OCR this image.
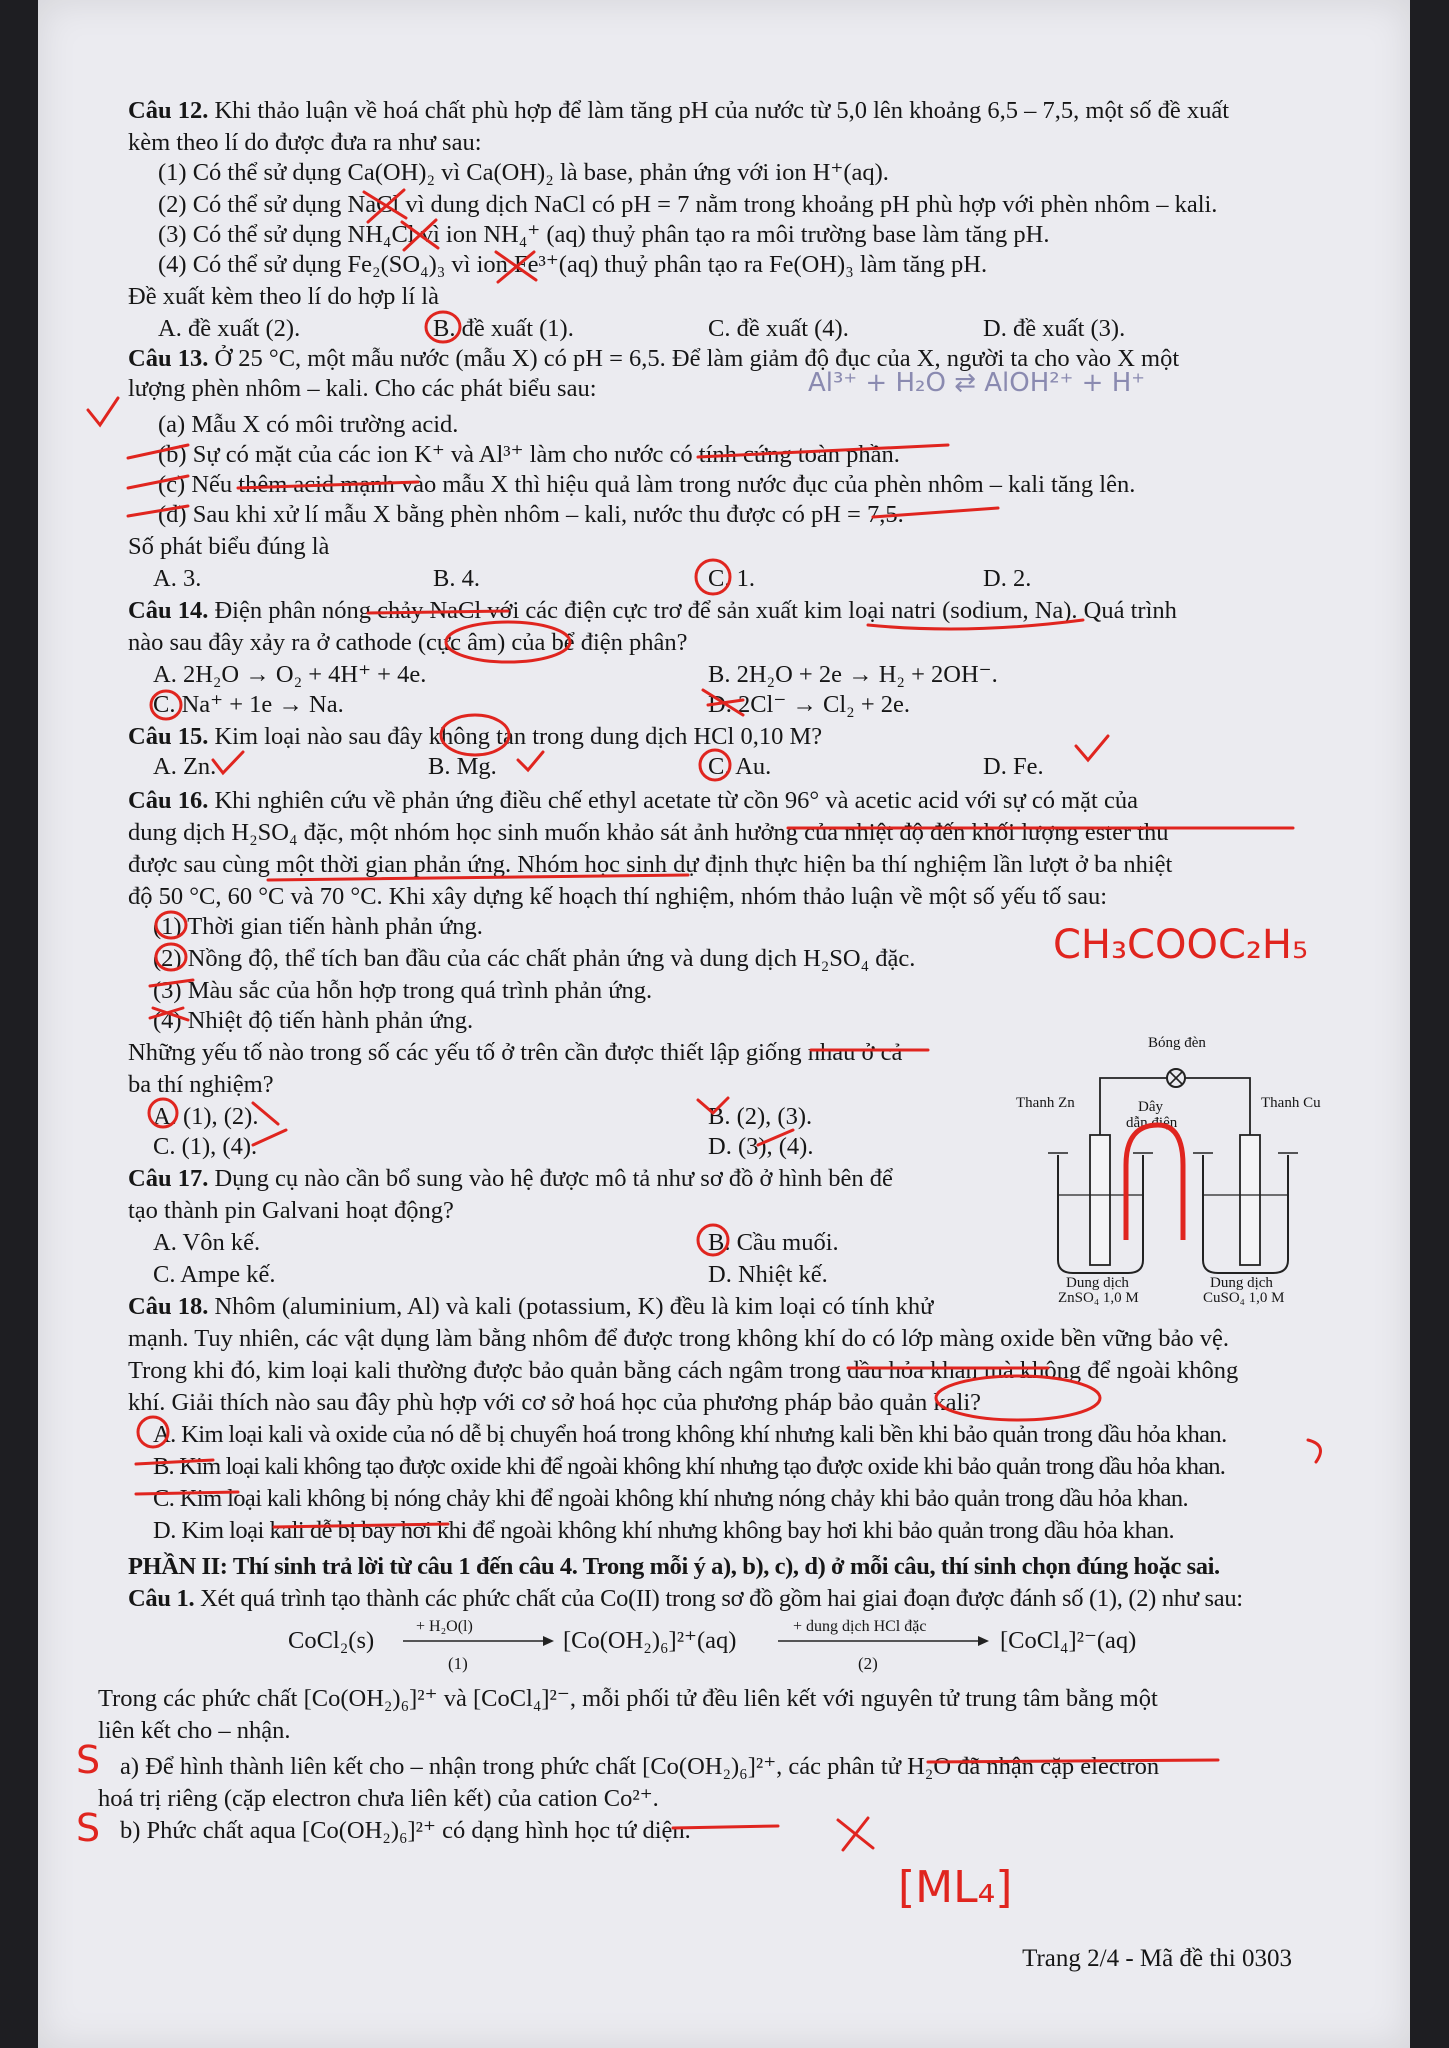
Câu 12. Khi thảo luận về hoá chất phù hợp để làm tăng pH của nước từ 5,0 lên khoảng 6,5 – 7,5, một số đề xuất
kèm theo lí do được đưa ra như sau:
(1) Có thể sử dụng Ca(OH)₂ vì Ca(OH)₂ là base, phản ứng với ion H⁺(aq).
(2) Có thể sử dụng NaCl vì dung dịch NaCl có pH = 7 nằm trong khoảng pH phù hợp với phèn nhôm – kali.
(3) Có thể sử dụng NH₄Cl vì ion NH₄⁺ (aq) thuỷ phân tạo ra môi trường base làm tăng pH.
(4) Có thể sử dụng Fe₂(SO₄)₃ vì ion Fe³⁺(aq) thuỷ phân tạo ra Fe(OH)₃ làm tăng pH.
Đề xuất kèm theo lí do hợp lí là
A. đề xuất (2).	B. đề xuất (1).	C. đề xuất (4).	D. đề xuất (3).
Câu 13. Ở 25 °C, một mẫu nước (mẫu X) có pH = 6,5. Để làm giảm độ đục của X, người ta cho vào X một
lượng phèn nhôm – kali. Cho các phát biểu sau:
(a) Mẫu X có môi trường acid.
(b) Sự có mặt của các ion K⁺ và Al³⁺ làm cho nước có tính cứng toàn phần.
(c) Nếu thêm acid mạnh vào mẫu X thì hiệu quả làm trong nước đục của phèn nhôm – kali tăng lên.
(d) Sau khi xử lí mẫu X bằng phèn nhôm – kali, nước thu được có pH = 7,5.
Số phát biểu đúng là
A. 3.	B. 4.	C. 1.	D. 2.
Câu 14. Điện phân nóng chảy NaCl với các điện cực trơ để sản xuất kim loại natri (sodium, Na). Quá trình
nào sau đây xảy ra ở cathode (cực âm) của bể điện phân?
A. 2H₂O → O₂ + 4H⁺ + 4e.	B. 2H₂O + 2e → H₂ + 2OH⁻.
C. Na⁺ + 1e → Na.	D. 2Cl⁻ → Cl₂ + 2e.
Câu 15. Kim loại nào sau đây không tan trong dung dịch HCl 0,10 M?
A. Zn.	B. Mg.	C. Au.	D. Fe.
Câu 16. Khi nghiên cứu về phản ứng điều chế ethyl acetate từ cồn 96° và acetic acid với sự có mặt của
dung dịch H₂SO₄ đặc, một nhóm học sinh muốn khảo sát ảnh hưởng của nhiệt độ đến khối lượng ester thu
được sau cùng một thời gian phản ứng. Nhóm học sinh dự định thực hiện ba thí nghiệm lần lượt ở ba nhiệt
độ 50 °C, 60 °C và 70 °C. Khi xây dựng kế hoạch thí nghiệm, nhóm thảo luận về một số yếu tố sau:
(1) Thời gian tiến hành phản ứng.
(2) Nồng độ, thể tích ban đầu của các chất phản ứng và dung dịch H₂SO₄ đặc.
(3) Màu sắc của hỗn hợp trong quá trình phản ứng.
(4) Nhiệt độ tiến hành phản ứng.
Những yếu tố nào trong số các yếu tố ở trên cần được thiết lập giống nhau ở cả
ba thí nghiệm?
A. (1), (2).	B. (2), (3).
C. (1), (4).	D. (3), (4).
Câu 17. Dụng cụ nào cần bổ sung vào hệ được mô tả như sơ đồ ở hình bên để
tạo thành pin Galvani hoạt động?
A. Vôn kế.	B. Cầu muối.
C. Ampe kế.	D. Nhiệt kế.
Bóng đèn
Thanh Zn	Thanh Cu
Dây
dẫn điện
Dung dịch
ZnSO₄ 1,0 M
Dung dịch
CuSO₄ 1,0 M
Câu 18. Nhôm (aluminium, Al) và kali (potassium, K) đều là kim loại có tính khử
mạnh. Tuy nhiên, các vật dụng làm bằng nhôm để được trong không khí do có lớp màng oxide bền vững bảo vệ.
Trong khi đó, kim loại kali thường được bảo quản bằng cách ngâm trong dầu hỏa khan mà không để ngoài không
khí. Giải thích nào sau đây phù hợp với cơ sở hoá học của phương pháp bảo quản kali?
A. Kim loại kali và oxide của nó dễ bị chuyển hoá trong không khí nhưng kali bền khi bảo quản trong dầu hỏa khan.
B. Kim loại kali không tạo được oxide khi để ngoài không khí nhưng tạo được oxide khi bảo quản trong dầu hỏa khan.
C. Kim loại kali không bị nóng chảy khi để ngoài không khí nhưng nóng chảy khi bảo quản trong dầu hỏa khan.
D. Kim loại kali dễ bị bay hơi khi để ngoài không khí nhưng không bay hơi khi bảo quản trong dầu hỏa khan.
PHẦN II: Thí sinh trả lời từ câu 1 đến câu 4. Trong mỗi ý a), b), c), d) ở mỗi câu, thí sinh chọn đúng hoặc sai.
Câu 1. Xét quá trình tạo thành các phức chất của Co(II) trong sơ đồ gồm hai giai đoạn được đánh số (1), (2) như sau:
CoCl₂(s)
+ H₂O(l)
(1)
[Co(OH₂)₆]²⁺(aq)
+ dung dịch HCl đặc
(2)
[CoCl₄]²⁻(aq)
Trong các phức chất [Co(OH₂)₆]²⁺ và [CoCl₄]²⁻, mỗi phối tử đều liên kết với nguyên tử trung tâm bằng một
liên kết cho – nhận.
a) Để hình thành liên kết cho – nhận trong phức chất [Co(OH₂)₆]²⁺, các phân tử H₂O đã nhận cặp electron
hoá trị riêng (cặp electron chưa liên kết) của cation Co²⁺.
b) Phức chất aqua [Co(OH₂)₆]²⁺ có dạng hình học tứ diện.
Trang 2/4 - Mã đề thi 0303
Al³⁺ + H₂O ⇄ AlOH²⁺ + H⁺
CH₃COOC₂H₅
[ML₄]
S
S
